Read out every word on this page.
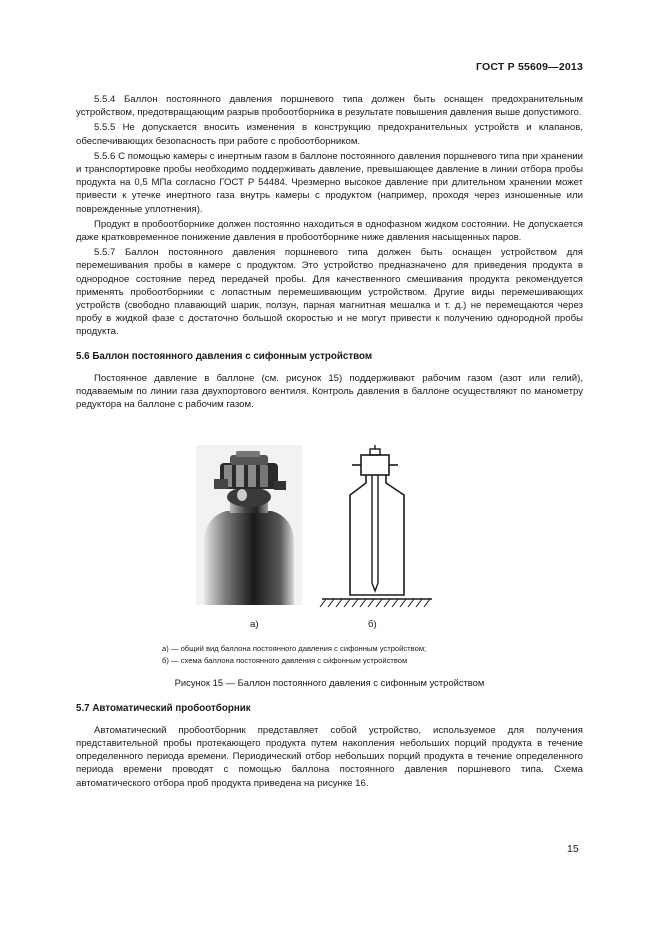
ГОСТ Р 55609—2013

5.5.4 Баллон постоянного давления поршневого типа должен быть оснащен предохранительным устройством, предотвращающим разрыв пробоотборника в результате повышения давления выше допустимого.

5.5.5 Не допускается вносить изменения в конструкцию предохранительных устройств и клапанов, обеспечивающих безопасность при работе с пробоотборником.

5.5.6 С помощью камеры с инертным газом в баллоне постоянного давления поршневого типа при хранении и транспортировке пробы необходимо поддерживать давление, превышающее давление в линии отбора пробы продукта на 0,5 МПа согласно ГОСТ Р 54484. Чрезмерно высокое давление при длительном хранении может привести к утечке инертного газа внутрь камеры с продуктом (например, проходя через изношенные или поврежденные уплотнения).

Продукт в пробоотборнике должен постоянно находиться в однофазном жидком состоянии. Не допускается даже кратковременное понижение давления в пробоотборнике ниже давления насыщенных паров.

5.5.7 Баллон постоянного давления поршневого типа должен быть оснащен устройством для перемешивания пробы в камере с продуктом. Это устройство предназначено для приведения продукта в однородное состояние перед передачей пробы. Для качественного смешивания продукта рекомендуется применять пробоотборники с лопастным перемешивающим устройством. Другие виды перемешивающих устройств (свободно плавающий шарик, ползун, парная магнитная мешалка и т. д.) не перемещаются через пробу в жидкой фазе с достаточно большой скоростью и не могут привести к получению однородной пробы продукта.

5.6 Баллон постоянного давления с сифонным устройством

Постоянное давление в баллоне (см. рисунок 15) поддерживают рабочим газом (азот или гелий), подаваемым по линии газа двухпортового вентиля. Контроль давления в баллоне осуществляют по манометру редуктора на баллоне с рабочим газом.

а)	б)
а) — общий вид баллона постоянного давления с сифонным устройством;
б) — схема баллона постоянного давления с сифонным устройством
Рисунок 15 — Баллон постоянного давления с сифонным устройством
5.7 Автоматический пробоотборник

Автоматический пробоотборник представляет собой устройство, используемое для получения представительной пробы протекающего продукта путем накопления небольших порций продукта в течение определенного периода времени. Периодический отбор небольших порций продукта в течение определенного периода времени проводят с помощью баллона постоянного давления поршневого типа. Схема автоматического отбора проб продукта приведена на рисунке 16.

15
